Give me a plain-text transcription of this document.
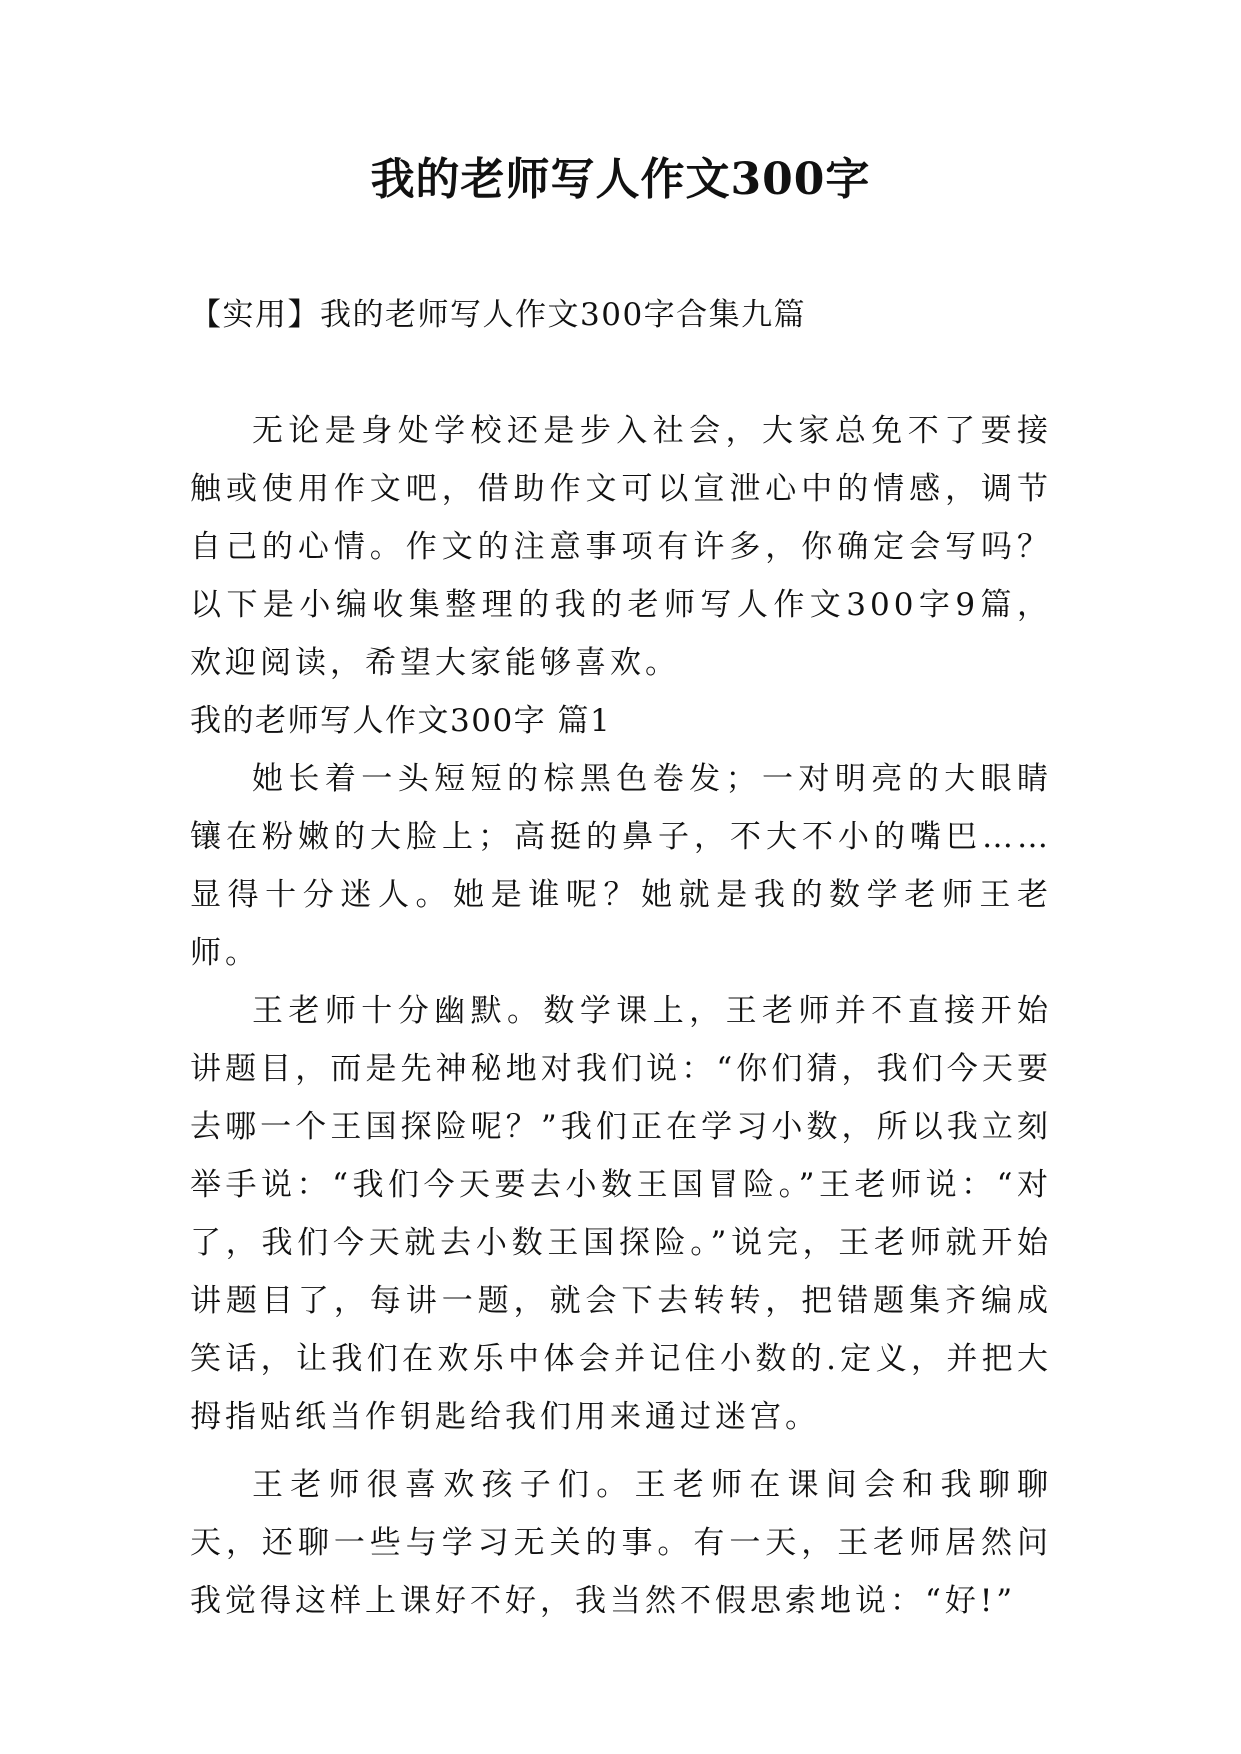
我的老师写人作文300字
【实用】我的老师写人作文300字合集九篇

无论是身处学校还是步入社会，大家总免不了要接触或使用作文吧，借助作文可以宣泄心中的情感，调节自己的心情。作文的注意事项有许多，你确定会写吗？以下是小编收集整理的我的老师写人作文300字9篇，欢迎阅读，希望大家能够喜欢。

我的老师写人作文300字 篇1

她长着一头短短的棕黑色卷发；一对明亮的大眼睛镶在粉嫩的大脸上；高挺的鼻子，不大不小的嘴巴……显得十分迷人。她是谁呢？她就是我的数学老师王老师。

王老师十分幽默。数学课上，王老师并不直接开始讲题目，而是先神秘地对我们说：“你们猜，我们今天要去哪一个王国探险呢？”我们正在学习小数，所以我立刻举手说：“我们今天要去小数王国冒险。”王老师说：“对了，我们今天就去小数王国探险。”说完，王老师就开始讲题目了，每讲一题，就会下去转转，把错题集齐编成笑话，让我们在欢乐中体会并记住小数的.定义，并把大拇指贴纸当作钥匙给我们用来通过迷宫。

王老师很喜欢孩子们。王老师在课间会和我聊聊天，还聊一些与学习无关的事。有一天，王老师居然问我觉得这样上课好不好，我当然不假思索地说：“好!”
